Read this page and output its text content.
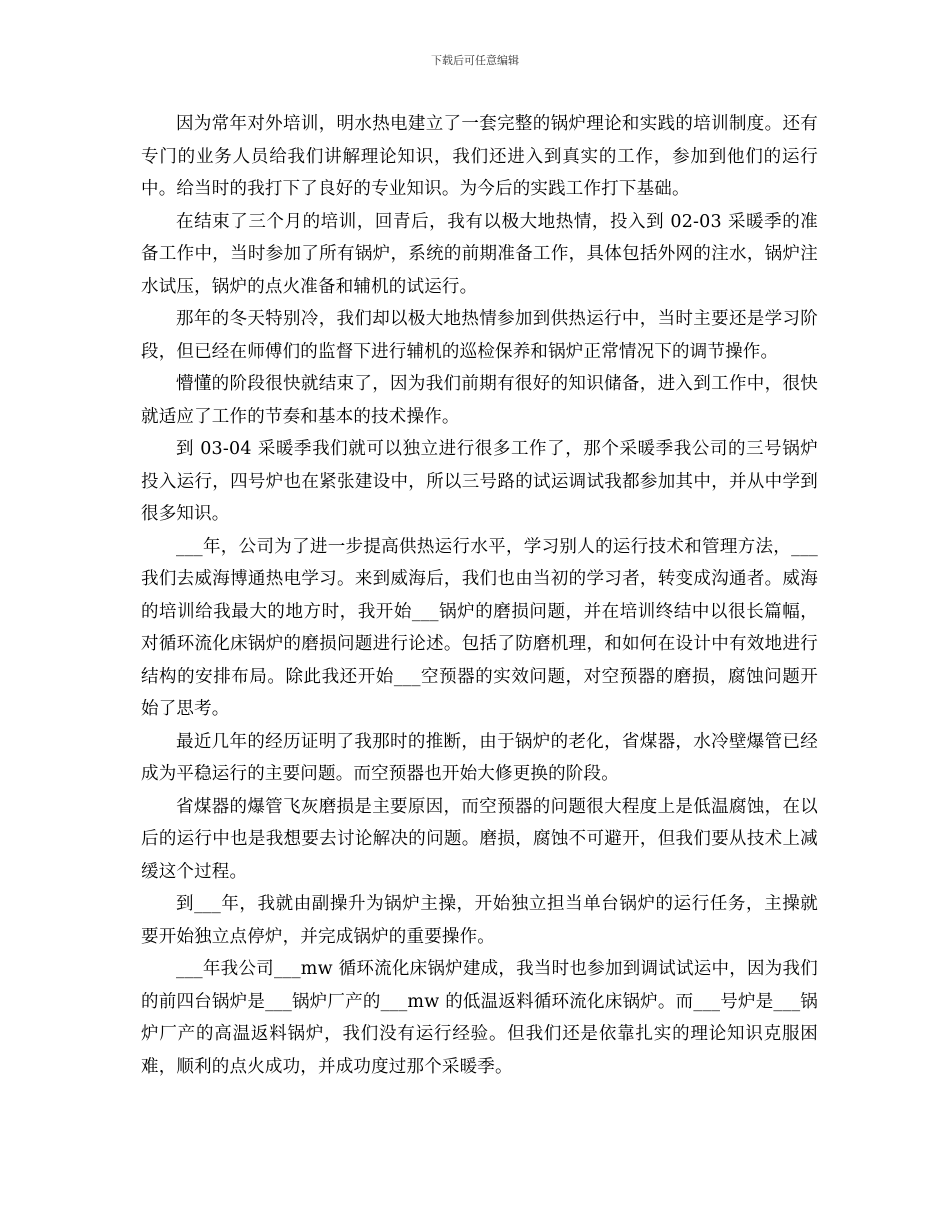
下载后可任意编辑

因为常年对外培训，明水热电建立了一套完整的锅炉理论和实践的培训制度。还有专门的业务人员给我们讲解理论知识，我们还进入到真实的工作，参加到他们的运行中。给当时的我打下了良好的专业知识。为今后的实践工作打下基础。

在结束了三个月的培训，回青后，我有以极大地热情，投入到 02-03 采暖季的准备工作中，当时参加了所有锅炉，系统的前期准备工作，具体包括外网的注水，锅炉注水试压，锅炉的点火准备和辅机的试运行。

那年的冬天特别冷，我们却以极大地热情参加到供热运行中，当时主要还是学习阶段，但已经在师傅们的监督下进行辅机的巡检保养和锅炉正常情况下的调节操作。

懵懂的阶段很快就结束了，因为我们前期有很好的知识储备，进入到工作中，很快就适应了工作的节奏和基本的技术操作。

到 03-04 采暖季我们就可以独立进行很多工作了，那个采暖季我公司的三号锅炉投入运行，四号炉也在紧张建设中，所以三号路的试运调试我都参加其中，并从中学到很多知识。

___年，公司为了进一步提高供热运行水平，学习别人的运行技术和管理方法，___我们去威海博通热电学习。来到威海后，我们也由当初的学习者，转变成沟通者。威海的培训给我最大的地方时，我开始___锅炉的磨损问题，并在培训终结中以很长篇幅，对循环流化床锅炉的磨损问题进行论述。包括了防磨机理，和如何在设计中有效地进行结构的安排布局。除此我还开始___空预器的实效问题，对空预器的磨损，腐蚀问题开始了思考。

最近几年的经历证明了我那时的推断，由于锅炉的老化，省煤器，水冷壁爆管已经成为平稳运行的主要问题。而空预器也开始大修更换的阶段。

省煤器的爆管飞灰磨损是主要原因，而空预器的问题很大程度上是低温腐蚀，在以后的运行中也是我想要去讨论解决的问题。磨损，腐蚀不可避开，但我们要从技术上减缓这个过程。

到___年，我就由副操升为锅炉主操，开始独立担当单台锅炉的运行任务，主操就要开始独立点停炉，并完成锅炉的重要操作。

___年我公司___mw 循环流化床锅炉建成，我当时也参加到调试试运中，因为我们的前四台锅炉是___锅炉厂产的___mw 的低温返料循环流化床锅炉。而___号炉是___锅炉厂产的高温返料锅炉，我们没有运行经验。但我们还是依靠扎实的理论知识克服困难，顺利的点火成功，并成功度过那个采暖季。
